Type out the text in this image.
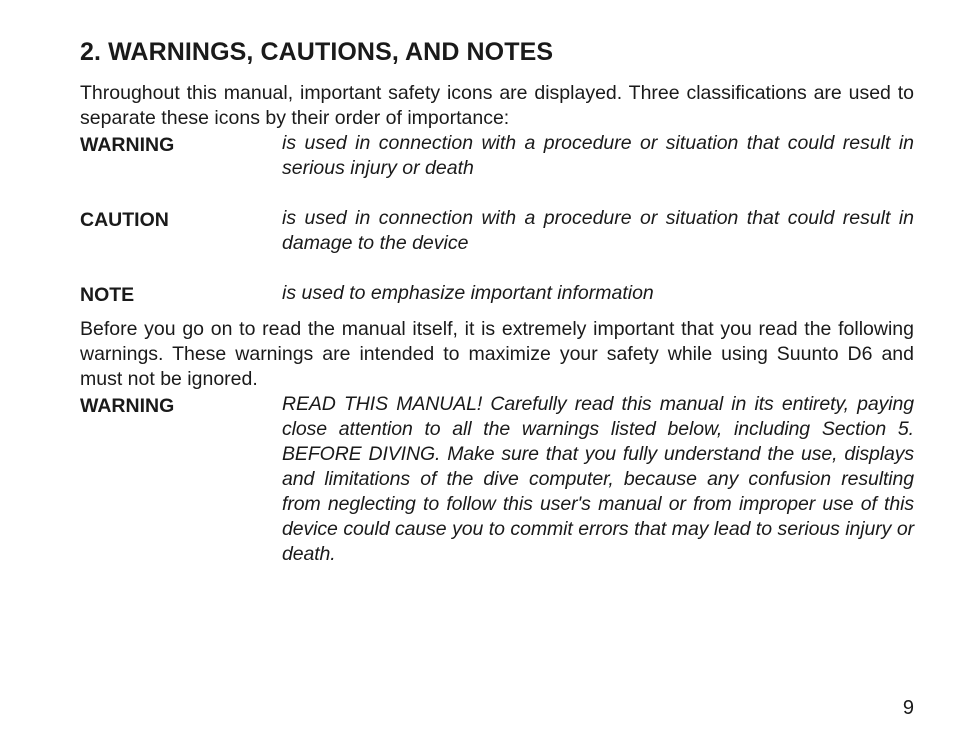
2. WARNINGS, CAUTIONS, AND NOTES

Throughout this manual, important safety icons are displayed. Three classifications are used to separate these icons by their order of importance:

WARNING	is used in connection with a procedure or situation that could result in serious injury or death
CAUTION	is used in connection with a procedure or situation that could result in damage to the device
NOTE	is used to emphasize important information

Before you go on to read the manual itself, it is extremely important that you read the following warnings. These warnings are intended to maximize your safety while using Suunto D6 and must not be ignored.

WARNING	READ THIS MANUAL! Carefully read this manual in its entirety, paying close attention to all the warnings listed below, including Section 5. BEFORE DIVING. Make sure that you fully understand the use, displays and limitations of the dive computer, because any confusion resulting from neglecting to follow this user's manual or from improper use of this device could cause you to commit errors that may lead to serious injury or death.
9
